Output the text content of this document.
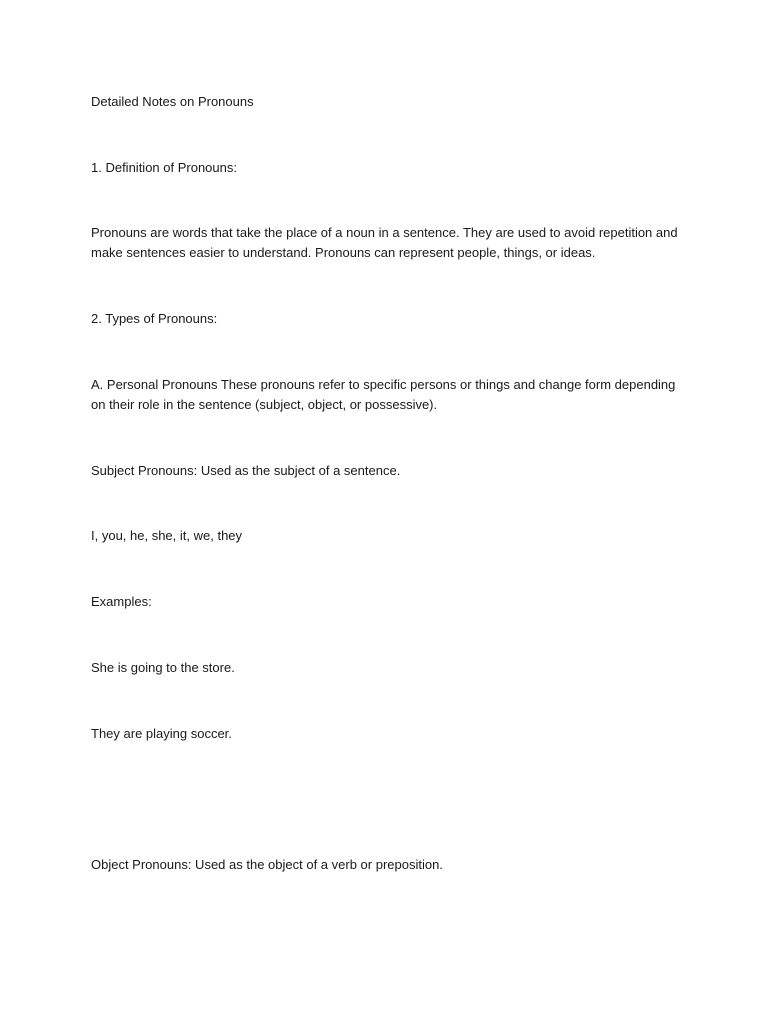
Detailed Notes on Pronouns

1. Definition of Pronouns:

Pronouns are words that take the place of a noun in a sentence. They are used to avoid repetition and make sentences easier to understand. Pronouns can represent people, things, or ideas.

2. Types of Pronouns:

A. Personal Pronouns These pronouns refer to specific persons or things and change form depending on their role in the sentence (subject, object, or possessive).

Subject Pronouns: Used as the subject of a sentence.

I, you, he, she, it, we, they

Examples:

She is going to the store.

They are playing soccer.

Object Pronouns: Used as the object of a verb or preposition.
